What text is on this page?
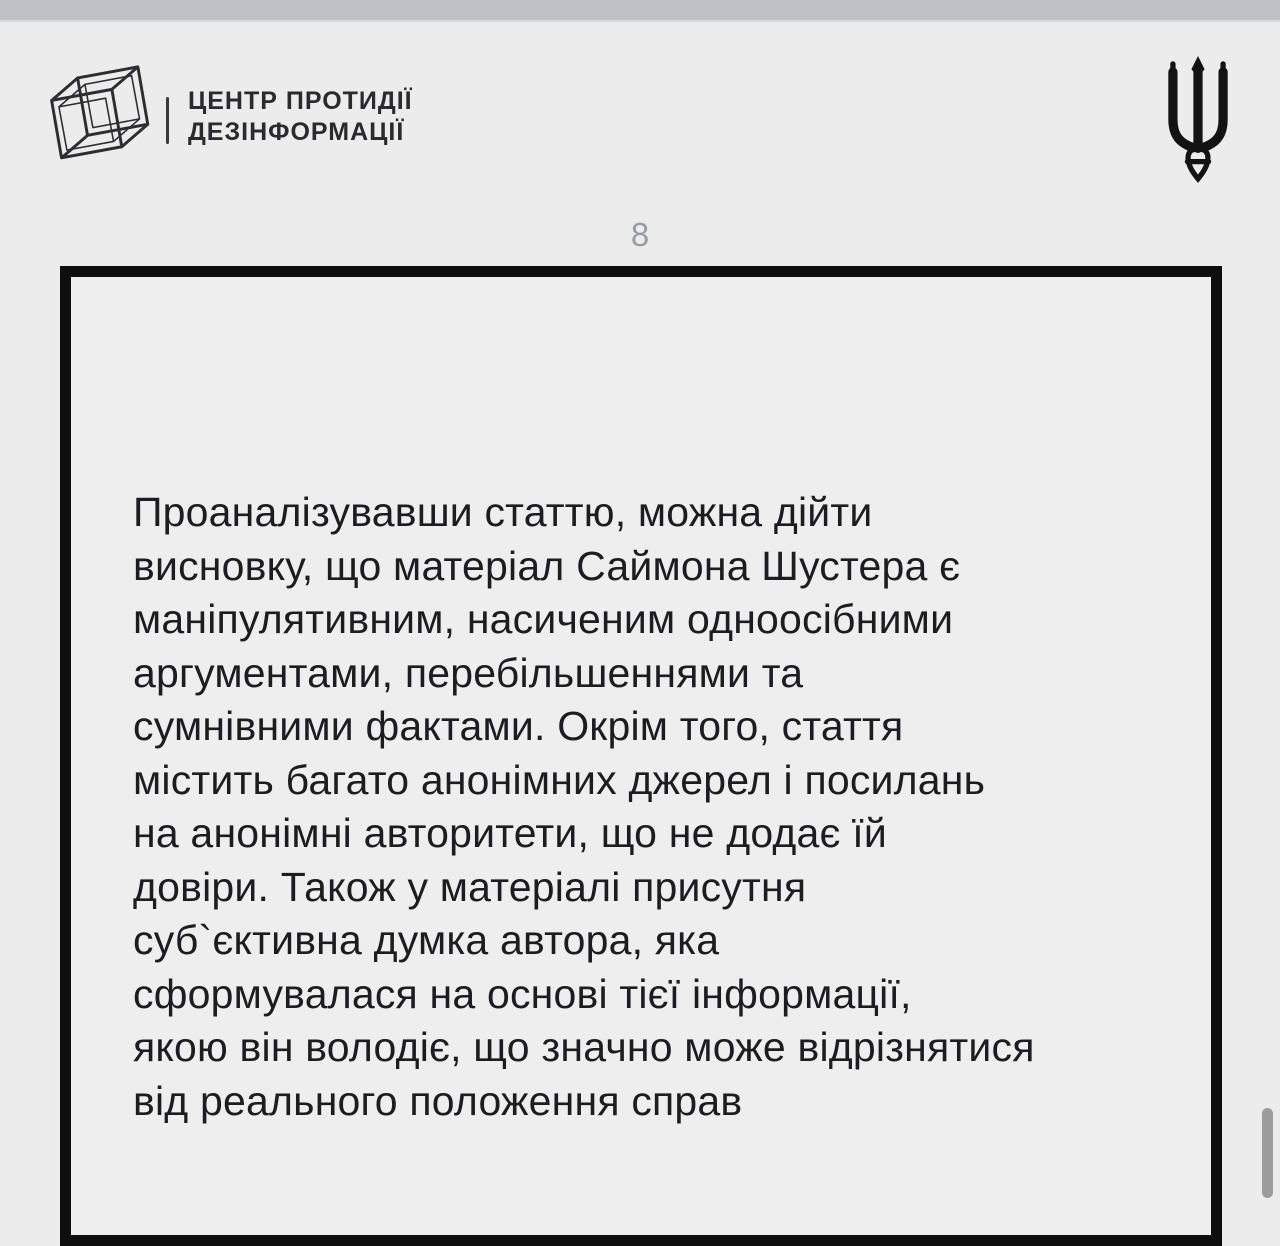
ЦЕНТР ПРОТИДІЇ
ДЕЗІНФОРМАЦІЇ
8
Проаналізувавши статтю, можна дійти
висновку, що матеріал Саймона Шустера є
маніпулятивним, насиченим одноосібними
аргументами, перебільшеннями та
сумнівними фактами. Окрім того, стаття
містить багато анонімних джерел і посилань
на анонімні авторитети, що не додає їй
довіри. Також у матеріалі присутня
суб`єктивна думка автора, яка
сформувалася на основі тієї інформації,
якою він володіє, що значно може відрізнятися
від реального положення справ
